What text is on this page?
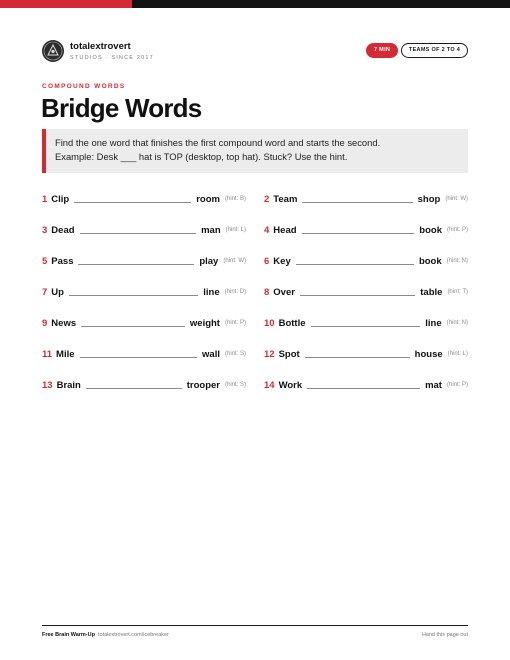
totalextrovert
STUDIOS · SINCE 2017
7 MIN	TEAMS OF 2 TO 4
COMPOUND WORDS
Bridge Words

Find the one word that finishes the first compound word and starts the second.

Example: Desk ___ hat is TOP (desktop, top hat). Stuck? Use the hint.

1 Clip	room (hint: B) 2 Team	shop (hint: W)
3 Dead	man (hint: L) 4 Head	book (hint: P)
5 Pass	play (hint: W) 6 Key	book (hint: N)
7 Up	line (hint: D) 8 Over	table (hint: T)
9 News	weight (hint: P) 10 Bottle	line (hint: N)
11 Mile	wall (hint: S) 12 Spot	house (hint: L)
13 Brain	trooper (hint: S) 14 Work	mat (hint: P)
Free Brain Warm-Up totalextrovert.com/icebreaker	Hand this page out
